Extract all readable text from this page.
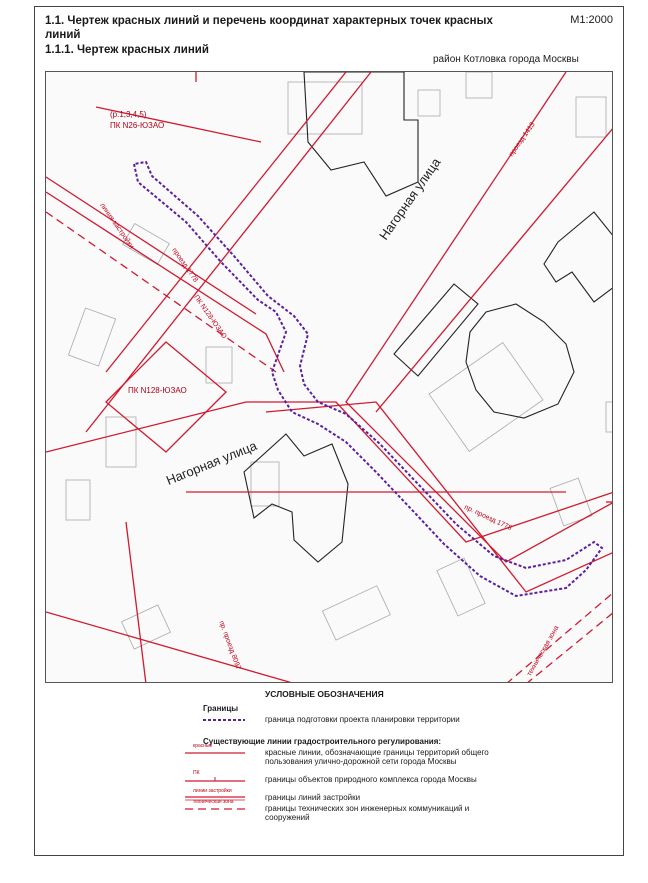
1.1. Чертеж красных линий и перечень координат характерных точек красных линий
1.1.1. Чертеж красных линий
М1:2000
район Котловка города Москвы
Нагорная улица
Нагорная улица
проезд 1413
пр. проезд 1778
пр. проезд 8097
линия застройки
техническая зона
проезд 1778
(р.1,3,4,5)
ПК N26-ЮЗАО
ПК N128-ЮЗАО
ПК N128-ЮЗАО
УСЛОВНЫЕ ОБОЗНАЧЕНИЯ
Границы
граница подготовки проекта планировки территории
Существующие линии градостроительного регулирования:
красные
красные линии, обозначающие границы территорий общего пользования улично-дорожной сети города Москвы
ПК
границы объектов природного комплекса города Москвы
линии застройки
границы линий застройки
техническая зона
границы технических зон инженерных коммуникаций и сооружений
